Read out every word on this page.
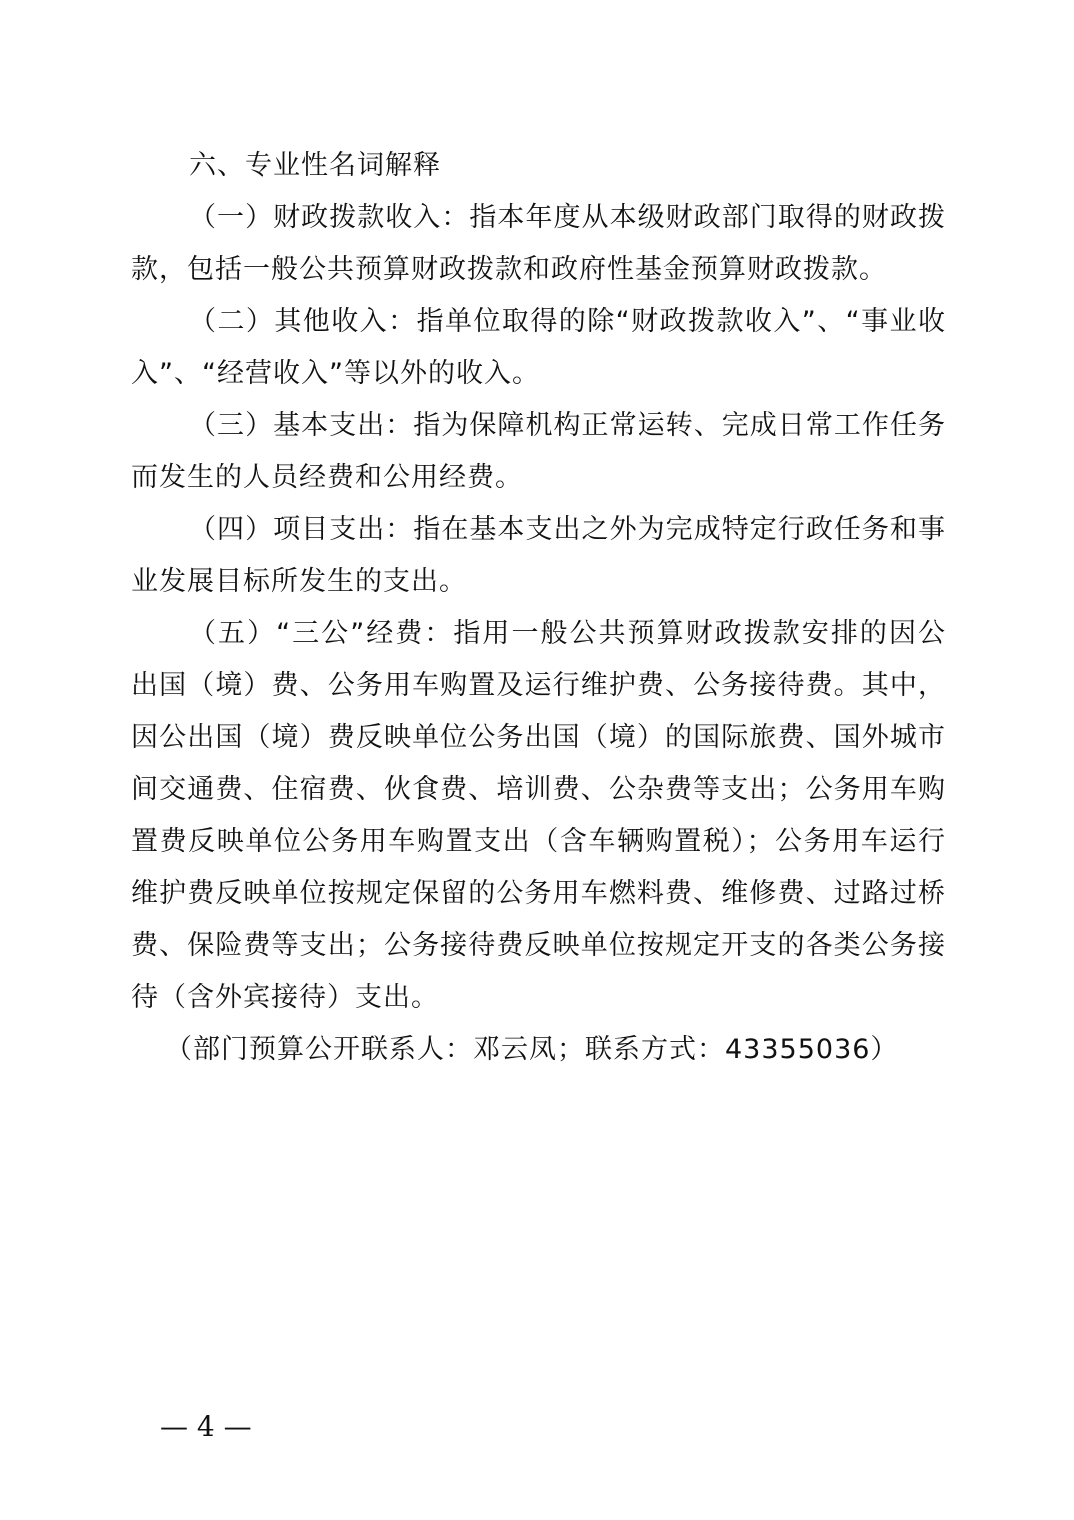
六、专业性名词解释

（一）财政拨款收入：指本年度从本级财政部门取得的财政拨款，包括一般公共预算财政拨款和政府性基金预算财政拨款。

（二）其他收入：指单位取得的除“财政拨款收入”、“事业收入”、“经营收入”等以外的收入。

（三）基本支出：指为保障机构正常运转、完成日常工作任务而发生的人员经费和公用经费。

（四）项目支出：指在基本支出之外为完成特定行政任务和事业发展目标所发生的支出。

（五）“三公”经费：指用一般公共预算财政拨款安排的因公出国（境）费、公务用车购置及运行维护费、公务接待费。其中，因公出国（境）费反映单位公务出国（境）的国际旅费、国外城市间交通费、住宿费、伙食费、培训费、公杂费等支出；公务用车购置费反映单位公务用车购置支出（含车辆购置税）；公务用车运行维护费反映单位按规定保留的公务用车燃料费、维修费、过路过桥费、保险费等支出；公务接待费反映单位按规定开支的各类公务接待（含外宾接待）支出。

（部门预算公开联系人：邓云凤；联系方式：43355036）

— 4 —
